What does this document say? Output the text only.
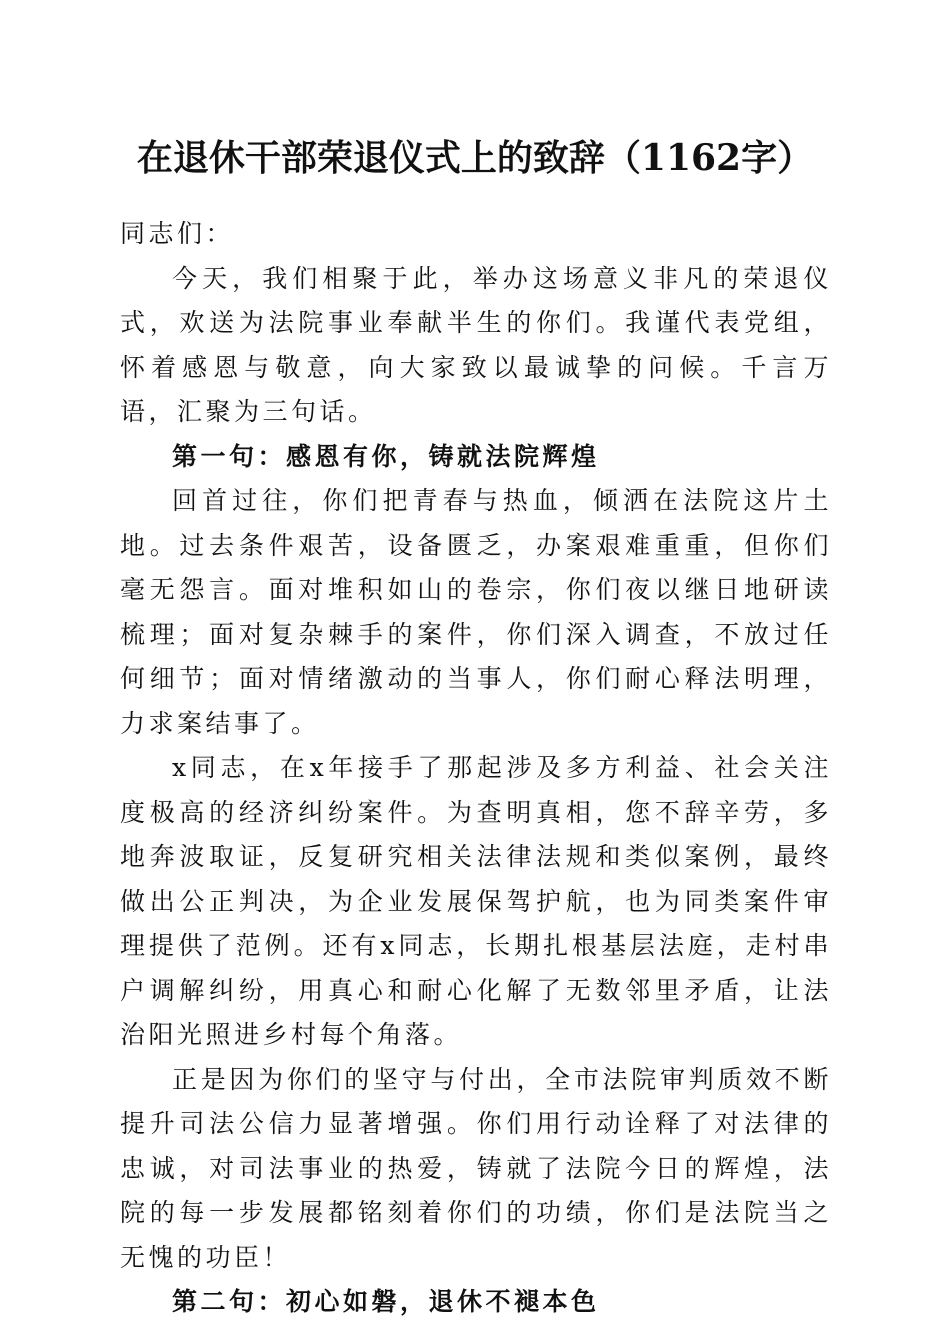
在退休干部荣退仪式上的致辞（1162字）

同志们：

今天，我们相聚于此，举办这场意义非凡的荣退仪式，欢送为法院事业奉献半生的你们。我谨代表党组，怀着感恩与敬意，向大家致以最诚挚的问候。千言万语，汇聚为三句话。

第一句：感恩有你，铸就法院辉煌

回首过往，你们把青春与热血，倾洒在法院这片土地。过去条件艰苦，设备匮乏，办案艰难重重，但你们毫无怨言。面对堆积如山的卷宗，你们夜以继日地研读梳理；面对复杂棘手的案件，你们深入调查，不放过任何细节；面对情绪激动的当事人，你们耐心释法明理，力求案结事了。

x同志，在x年接手了那起涉及多方利益、社会关注度极高的经济纠纷案件。为查明真相，您不辞辛劳，多地奔波取证，反复研究相关法律法规和类似案例，最终做出公正判决，为企业发展保驾护航，也为同类案件审理提供了范例。还有x同志，长期扎根基层法庭，走村串户调解纠纷，用真心和耐心化解了无数邻里矛盾，让法治阳光照进乡村每个角落。

正是因为你们的坚守与付出，全市法院审判质效不断提升司法公信力显著增强。你们用行动诠释了对法律的忠诚，对司法事业的热爱，铸就了法院今日的辉煌，法院的每一步发展都铭刻着你们的功绩，你们是法院当之无愧的功臣！

第二句：初心如磐，退休不褪本色
